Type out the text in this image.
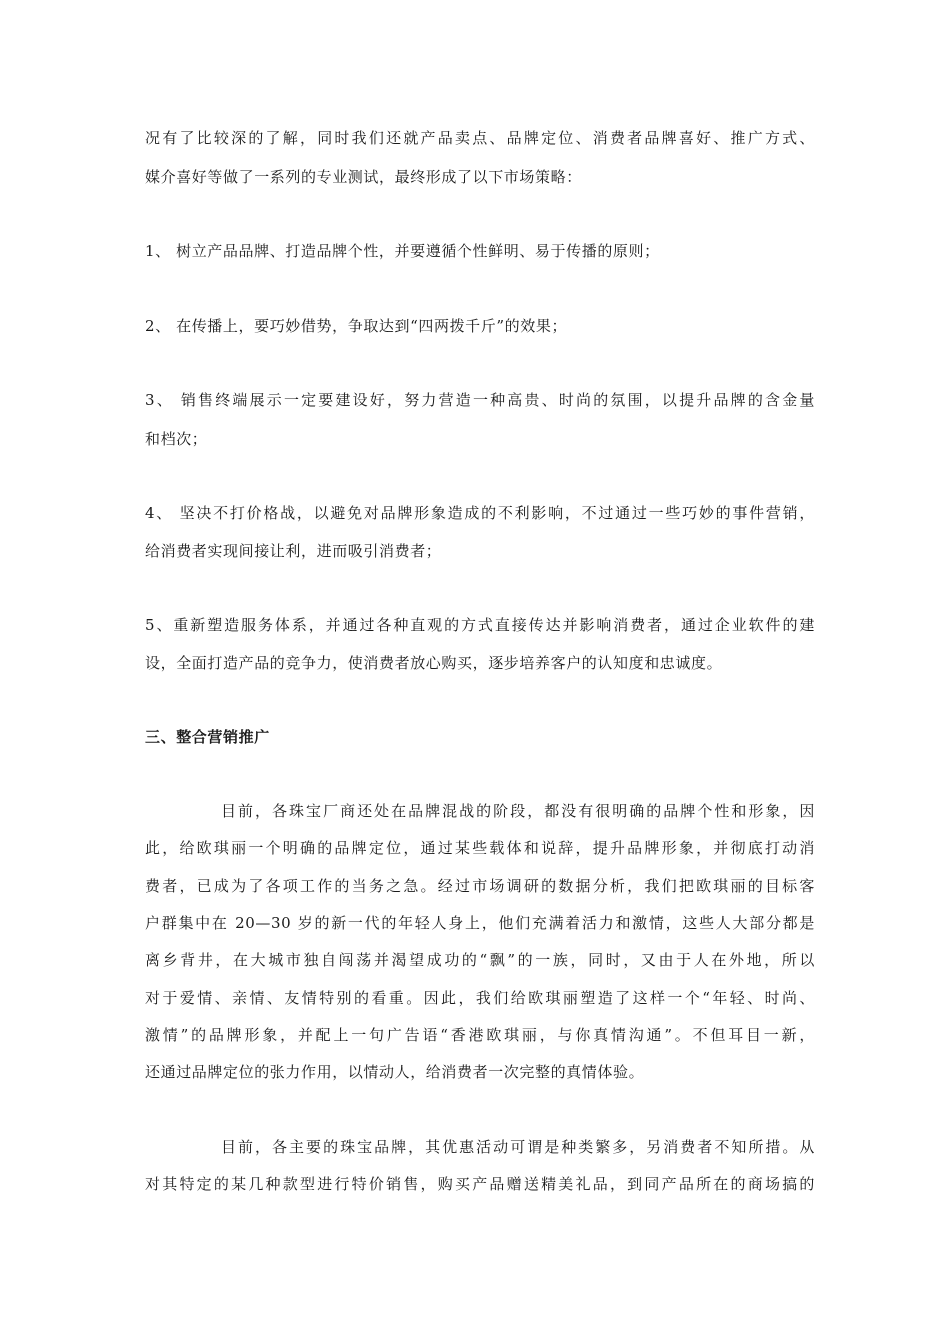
况有了比较深的了解，同时我们还就产品卖点、品牌定位、消费者品牌喜好、推广方式、
媒介喜好等做了一系列的专业测试，最终形成了以下市场策略：
1、 树立产品品牌、打造品牌个性，并要遵循个性鲜明、易于传播的原则；
2、 在传播上，要巧妙借势，争取达到“四两拨千斤”的效果；
3、 销售终端展示一定要建设好，努力营造一种高贵、时尚的氛围，以提升品牌的含金量
和档次；
4、 坚决不打价格战，以避免对品牌形象造成的不利影响，不过通过一些巧妙的事件营销，
给消费者实现间接让利，进而吸引消费者；
5、重新塑造服务体系，并通过各种直观的方式直接传达并影响消费者，通过企业软件的建
设，全面打造产品的竞争力，使消费者放心购买，逐步培养客户的认知度和忠诚度。
三、整合营销推广
目前，各珠宝厂商还处在品牌混战的阶段，都没有很明确的品牌个性和形象，因
此，给欧琪丽一个明确的品牌定位，通过某些载体和说辞，提升品牌形象，并彻底打动消
费者，已成为了各项工作的当务之急。经过市场调研的数据分析，我们把欧琪丽的目标客
户群集中在 20—30 岁的新一代的年轻人身上，他们充满着活力和激情，这些人大部分都是
离乡背井，在大城市独自闯荡并渴望成功的“飘”的一族，同时，又由于人在外地，所以
对于爱情、亲情、友情特别的看重。因此，我们给欧琪丽塑造了这样一个“年轻、时尚、
激情”的品牌形象，并配上一句广告语“香港欧琪丽，与你真情沟通”。不但耳目一新，
还通过品牌定位的张力作用，以情动人，给消费者一次完整的真情体验。
目前，各主要的珠宝品牌，其优惠活动可谓是种类繁多，另消费者不知所措。从
对其特定的某几种款型进行特价销售，购买产品赠送精美礼品，到同产品所在的商场搞的
